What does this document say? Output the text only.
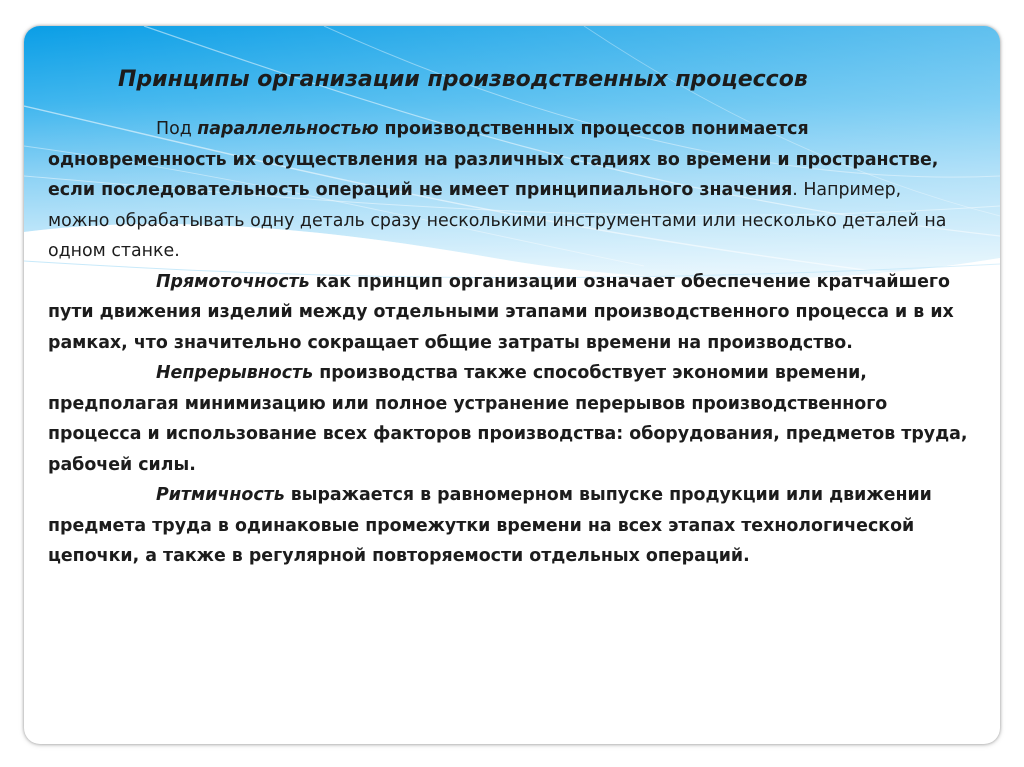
Принципы организации производственных процессов

Под параллельностью производственных процессов понимается одновременность их осуществления на различных стадиях во времени и пространстве, если последовательность операций не имеет принципиального значения. Например, можно обрабатывать одну деталь сразу несколькими инструментами или несколько деталей на одном станке.

Прямоточность как принцип организации означает обеспечение кратчайшего пути движения изделий между отдельными этапами производственного процесса и в их рамках, что значительно сокращает общие затраты времени на производство.

Непрерывность производства также способствует экономии времени, предполагая минимизацию или полное устранение перерывов производственного процесса и использование всех факторов производства: оборудования, предметов труда, рабочей силы.

Ритмичность выражается в равномерном выпуске продукции или движении предмета труда в одинаковые промежутки времени на всех этапах технологической цепочки, а также в регулярной повторяемости отдельных операций.
